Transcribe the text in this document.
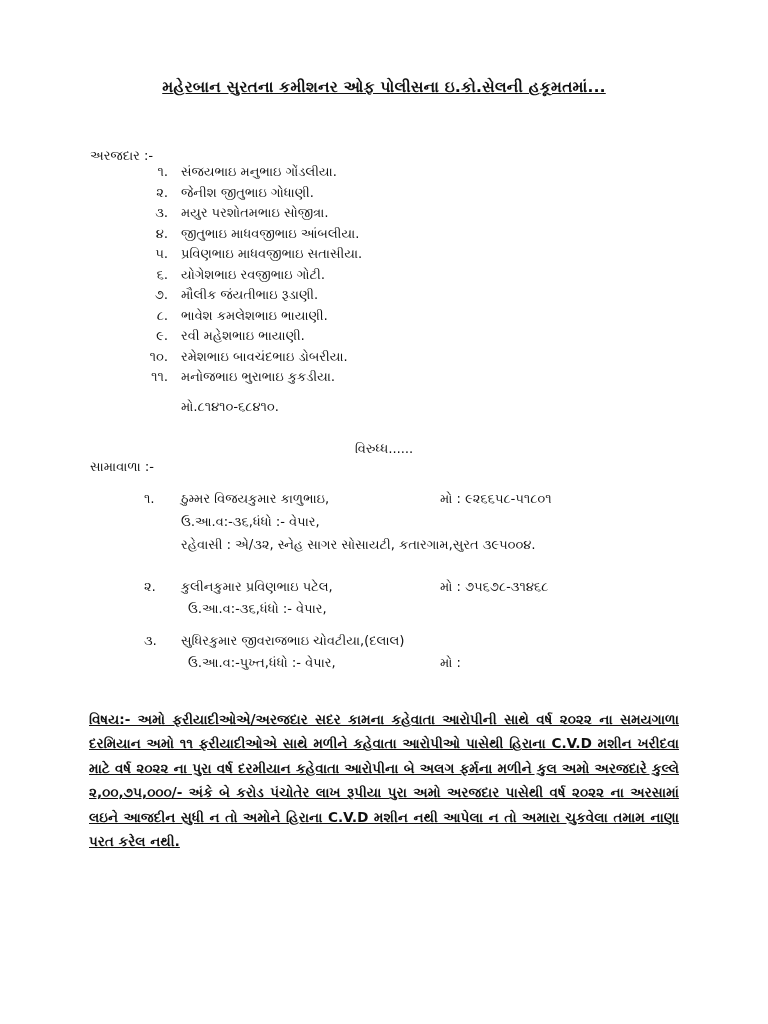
મહેરબાન સુરતના કમીશનર ઓફ પોલીસના ઇ.કો.સેલની હકૂમતમાં...
અરજદાર :-
૧. સંજયભાઇ મનુભાઇ ગોંડલીયા.
૨. જેનીશ જીતુભાઇ ગોધાણી.
૩. મયુર પરશોતમભાઇ સોજીત્રા.
૪. જીતુભાઇ માધવજીભાઇ આંબલીયા.
૫. પ્રવિણભાઇ માધવજીભાઇ સતાસીયા.
૬. યોગેશભાઇ રવજીભાઇ ગોટી.
૭. મૌલીક જંયતીભાઇ રૂડાણી.
૮. ભાવેશ કમલેશભાઇ ભાયાણી.
૯. રવી મહેશભાઇ ભાયાણી.
૧૦. રમેશભાઇ બાવચંદભાઇ ડોબરીયા.
૧૧. મનોજભાઇ ભુરાભાઇ કુકડીયા.
મો.૮૧૪૧૦-૬૮૪૧૦.
વિરુધ્ધ......
સામાવાળા :-
૧. ઠુમ્મર વિજયકુમાર કાળુભાઇ,	મો : ૯૨૬૬૫૮-૫૧૮૦૧
ઉ.આ.વ:-૩૬,ધંધો :- વેપાર,
રહેવાસી : એ/૩૨, સ્નેહ સાગર સોસાયટી, કતારગામ,સુરત ૩૯૫૦૦૪.
૨. કુલીનકુમાર પ્રવિણભાઇ પટેલ,	મો : ૭૫૬૭૮-૩૧૪૬૮
ઉ.આ.વ:-૩૬,ધંધો :- વેપાર,
૩. સુધિરકુમાર જીવરાજભાઇ ચોવટીયા,(દલાલ)
ઉ.આ.વ:-પુખ્ત,ધંધો :- વેપાર,	મો :
વિષય:- અમો ફરીયાદીઓએ/અરજદાર સદર કામના કહેવાતા આરોપીની સાથે વર્ષ ૨૦૨૨ ના સમયગાળા દરમિયાન અમો ૧૧ ફરીયાદીઓએ સાથે મળીને કહેવાતા આરોપીઓ પાસેથી હિરાના C.V.D મશીન ખરીદવા માટે વર્ષ ૨૦૨૨ ના પુરા વર્ષ દરમીયાન કહેવાતા આરોપીના બે અલગ ફર્મના મળીને કુલ અમો અરજદારે કુલ્લે ૨,૦૦,૭૫,૦૦૦/- અંકે બે કરોડ પંચોતેર લાખ રૂપીયા પુરા અમો અરજદાર પાસેથી વર્ષ ૨૦૨૨ ના અરસામાં લઇને આજદીન સુધી ન તો અમોને હિરાના C.V.D મશીન નથી આપેલા ન તો અમારા ચુકવેલા તમામ નાણા પરત કરેલ નથી.
